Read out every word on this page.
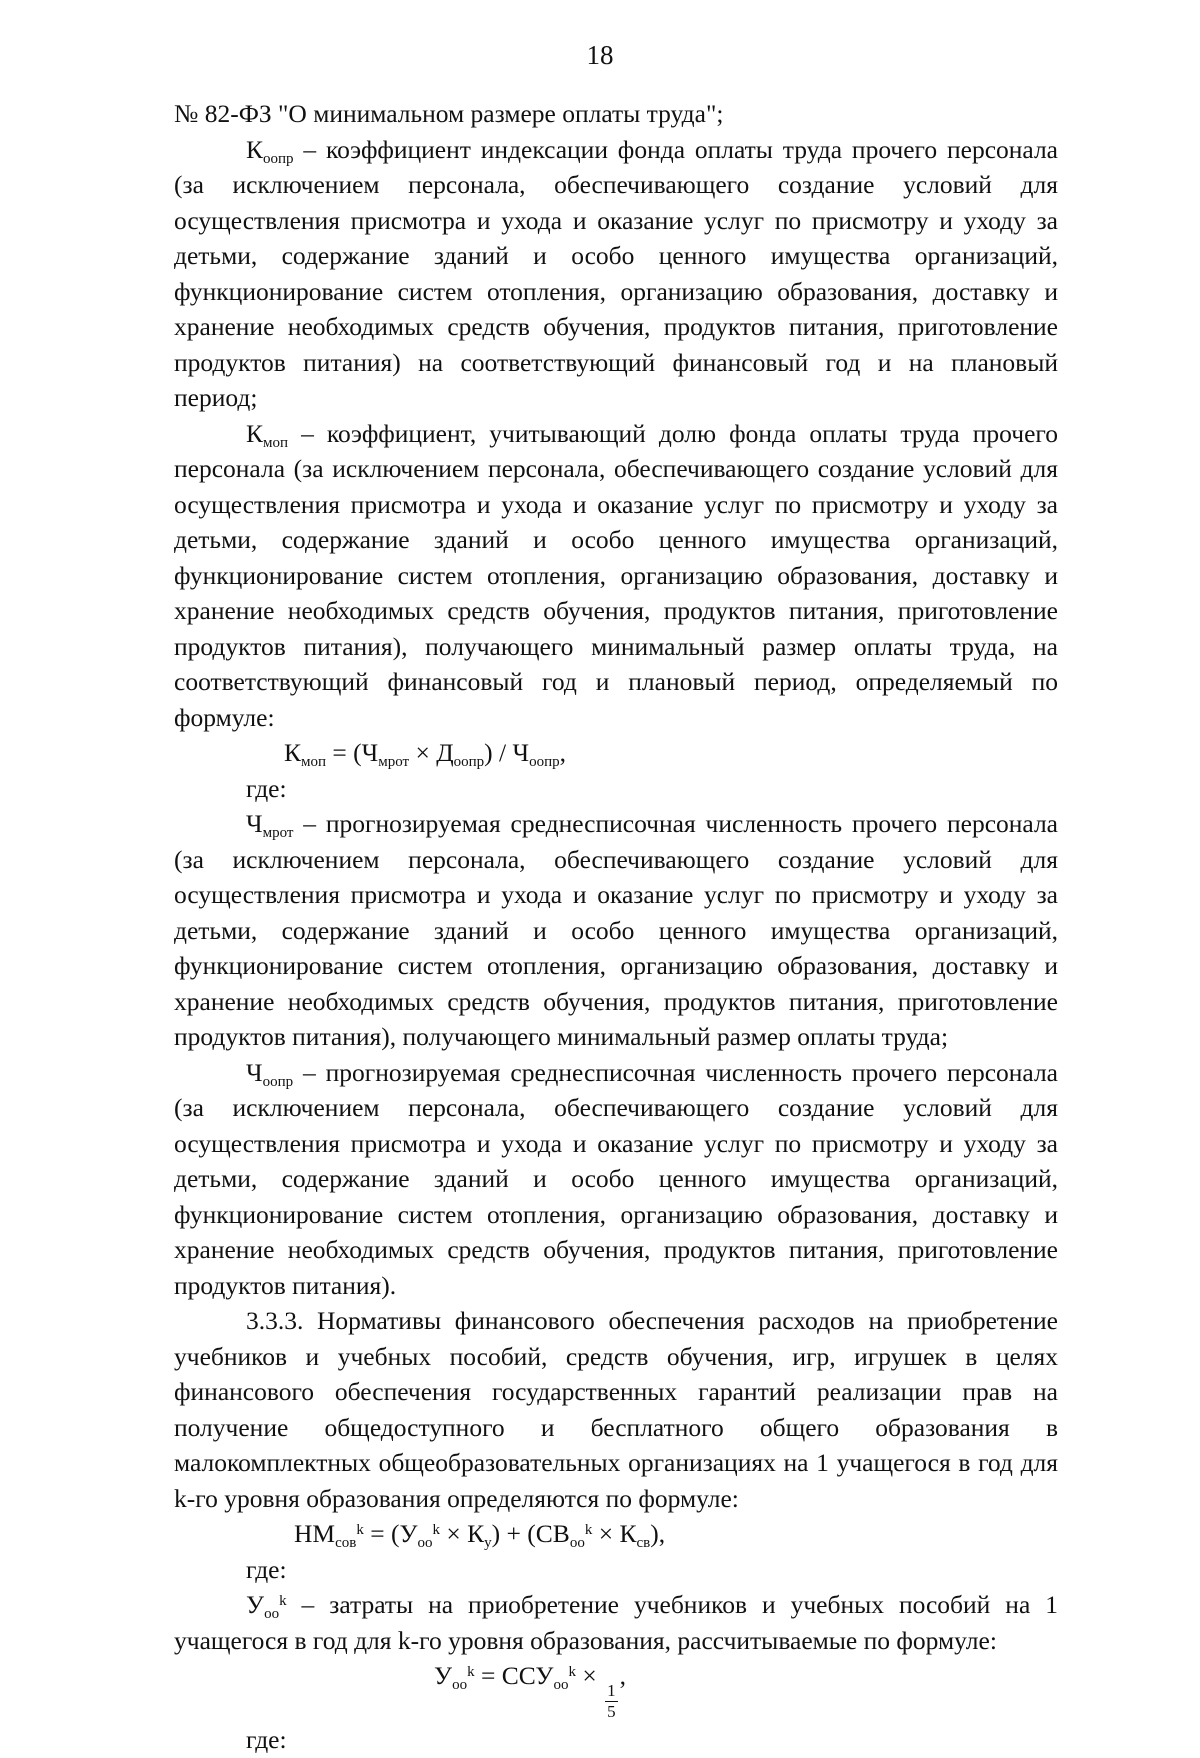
18

№ 82-ФЗ "О минимальном размере оплаты труда";

$К_{оопр}$ – коэффициент индексации фонда оплаты труда прочего персонала (за исключением персонала, обеспечивающего создание условий для осуществления присмотра и ухода и оказание услуг по присмотру и уходу за детьми, содержание зданий и особо ценного имущества организаций, функционирование систем отопления, организацию образования, доставку и хранение необходимых средств обучения, продуктов питания, приготовление продуктов питания) на соответствующий финансовый год и на плановый период;

$К_{моп}$ – коэффициент, учитывающий долю фонда оплаты труда прочего персонала (за исключением персонала, обеспечивающего создание условий для осуществления присмотра и ухода и оказание услуг по присмотру и уходу за детьми, содержание зданий и особо ценного имущества организаций, функционирование систем отопления, организацию образования, доставку и хранение необходимых средств обучения, продуктов питания, приготовление продуктов питания), получающего минимальный размер оплаты труда, на соответствующий финансовый год и плановый период, определяемый по формуле:

$К_{моп} = (Ч_{мрот} \times Д_{оопр}) / Ч_{оопр}$,

где:

$Ч_{мрот}$ – прогнозируемая среднесписочная численность прочего персонала (за исключением персонала, обеспечивающего создание условий для осуществления присмотра и ухода и оказание услуг по присмотру и уходу за детьми, содержание зданий и особо ценного имущества организаций, функционирование систем отопления, организацию образования, доставку и хранение необходимых средств обучения, продуктов питания, приготовление продуктов питания), получающего минимальный размер оплаты труда;

$Ч_{оопр}$ – прогнозируемая среднесписочная численность прочего персонала (за исключением персонала, обеспечивающего создание условий для осуществления присмотра и ухода и оказание услуг по присмотру и уходу за детьми, содержание зданий и особо ценного имущества организаций, функционирование систем отопления, организацию образования, доставку и хранение необходимых средств обучения, продуктов питания, приготовление продуктов питания).

3.3.3. Нормативы финансового обеспечения расходов на приобретение учебников и учебных пособий, средств обучения, игр, игрушек в целях финансового обеспечения государственных гарантий реализации прав на получение общедоступного и бесплатного общего образования в малокомплектных общеобразовательных организациях на 1 учащегося в год для k-го уровня образования определяются по формуле:

$НМ_{сов}^k = (У_{оо}^k \times К_у) + (СВ_{оо}^k \times К_{св})$,

где:

$У_{оо}^k$ – затраты на приобретение учебников и учебных пособий на 1 учащегося в год для k-го уровня образования, рассчитываемые по формуле:

$У_{оо}^k = ССУ_{оо}^k$ ×
$\frac{1}{5}$
,

где:
